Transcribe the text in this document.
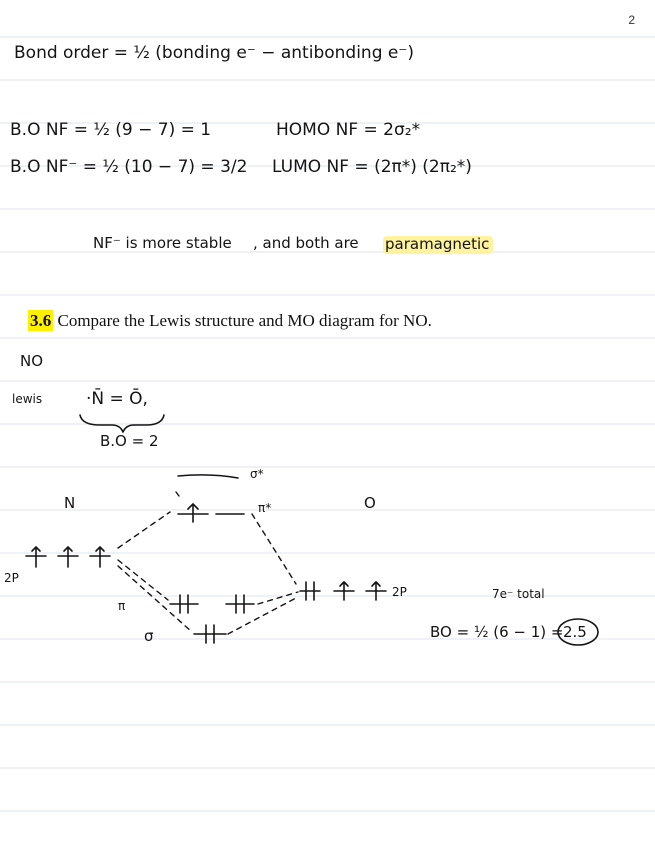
Bond order = ½ (bonding e⁻ − antibonding e⁻)
B.O NF = ½ (9 − 7) = 1
B.O NF⁻ = ½ (10 − 7) = 3/2
HOMO NF = 2σ₂*
LUMO NF = (2π*) (2π₂*)
NF⁻ is more stable , and both are paramagnetic
NO
lewis	·N̄ = Ō,
B.O = 2
N	O
σ*
π*
2P
2P
π
σ
7e⁻ total
BO = ½ (6 − 1) = 2.5
2
3.6 Compare the Lewis structure and MO diagram for NO.
